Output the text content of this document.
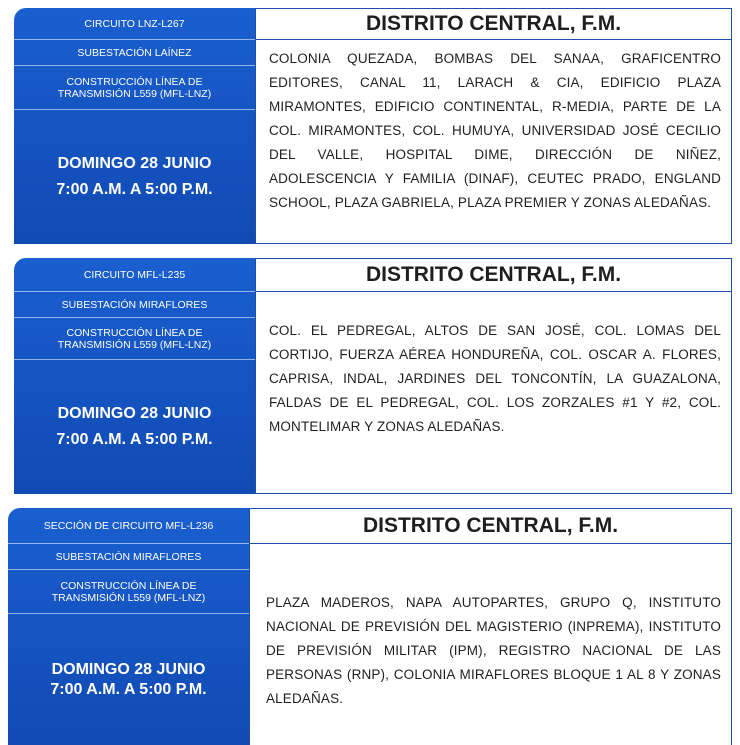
CIRCUITO LNZ-L267
SUBESTACIÓN LAÍNEZ
CONSTRUCCIÓN LÍNEA DE
TRANSMISIÓN L559 (MFL-LNZ)
DOMINGO 28 JUNIO
7:00 A.M. A 5:00 P.M.
DISTRITO CENTRAL, F.M.
COLONIA QUEZADA, BOMBAS DEL SANAA, GRAFICENTRO EDITORES, CANAL 11, LARACH & CIA, EDIFICIO PLAZA MIRAMONTES, EDIFICIO CONTINENTAL, R-MEDIA, PARTE DE LA COL. MIRAMONTES, COL. HUMUYA, UNIVERSIDAD JOSÉ CECILIO DEL VALLE, HOSPITAL DIME, DIRECCIÓN DE NIÑEZ, ADOLESCENCIA Y FAMILIA (DINAF), CEUTEC PRADO, ENGLAND SCHOOL, PLAZA GABRIELA, PLAZA PREMIER Y ZONAS ALEDAÑAS.
CIRCUITO MFL-L235
SUBESTACIÓN MIRAFLORES
CONSTRUCCIÓN LÍNEA DE
TRANSMISIÓN L559 (MFL-LNZ)
DOMINGO 28 JUNIO
7:00 A.M. A 5:00 P.M.
DISTRITO CENTRAL, F.M.
COL. EL PEDREGAL, ALTOS DE SAN JOSÉ, COL. LOMAS DEL CORTIJO, FUERZA AÉREA HONDUREÑA, COL. OSCAR A. FLORES, CAPRISA, INDAL, JARDINES DEL TONCONTÍN, LA GUAZALONA, FALDAS DE EL PEDREGAL, COL. LOS ZORZALES #1 Y #2, COL. MONTELIMAR Y ZONAS ALEDAÑAS.
SECCIÓN DE CIRCUITO MFL-L236
SUBESTACIÓN MIRAFLORES
CONSTRUCCIÓN LÍNEA DE
TRANSMISIÓN L559 (MFL-LNZ)
DOMINGO 28 JUNIO
7:00 A.M. A 5:00 P.M.
DISTRITO CENTRAL, F.M.
PLAZA MADEROS, NAPA AUTOPARTES, GRUPO Q, INSTITUTO NACIONAL DE PREVISIÓN DEL MAGISTERIO (INPREMA), INSTITUTO DE PREVISIÓN MILITAR (IPM), REGISTRO NACIONAL DE LAS PERSONAS (RNP), COLONIA MIRAFLORES BLOQUE 1 AL 8 Y ZONAS ALEDAÑAS.
